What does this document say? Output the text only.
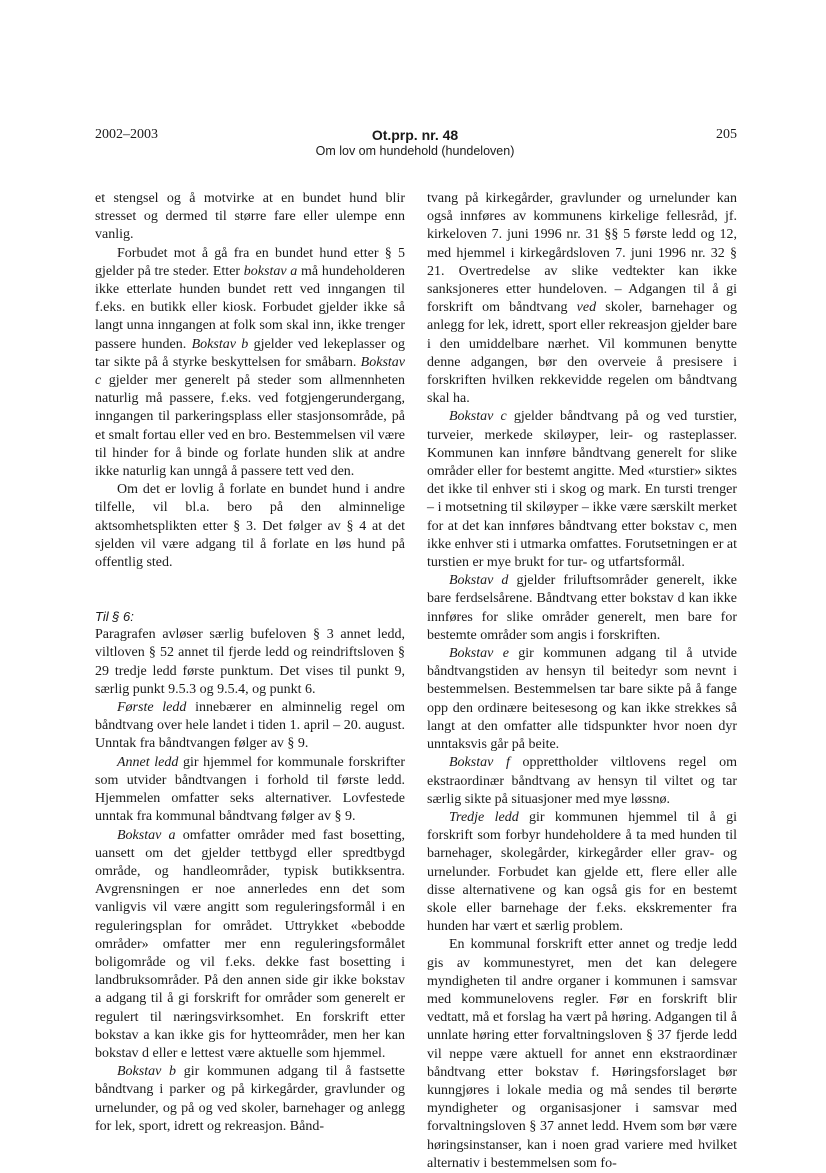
2002–2003	Ot.prp. nr. 48
Om lov om hundehold (hundeloven)
205

et stengsel og å motvirke at en bundet hund blir stresset og dermed til større fare eller ulempe enn vanlig.

Forbudet mot å gå fra en bundet hund etter § 5 gjelder på tre steder. Etter bokstav a må hundeholderen ikke etterlate hunden bundet rett ved inngangen til f.eks. en butikk eller kiosk. Forbudet gjelder ikke så langt unna inngangen at folk som skal inn, ikke trenger passere hunden. Bokstav b gjelder ved lekeplasser og tar sikte på å styrke beskyttelsen for småbarn. Bokstav c gjelder mer generelt på steder som allmennheten naturlig må passere, f.eks. ved fotgjengerundergang, inngangen til parkeringsplass eller stasjonsområde, på et smalt fortau eller ved en bro. Bestemmelsen vil være til hinder for å binde og forlate hunden slik at andre ikke naturlig kan unngå å passere tett ved den.

Om det er lovlig å forlate en bundet hund i andre tilfelle, vil bl.a. bero på den alminnelige aktsomhetsplikten etter § 3. Det følger av § 4 at det sjelden vil være adgang til å forlate en løs hund på offentlig sted.

Til § 6:

Paragrafen avløser særlig bufeloven § 3 annet ledd, viltloven § 52 annet til fjerde ledd og reindriftsloven § 29 tredje ledd første punktum. Det vises til punkt 9, særlig punkt 9.5.3 og 9.5.4, og punkt 6.

Første ledd innebærer en alminnelig regel om båndtvang over hele landet i tiden 1. april – 20. august. Unntak fra båndtvangen følger av § 9.

Annet ledd gir hjemmel for kommunale forskrifter som utvider båndtvangen i forhold til første ledd. Hjemmelen omfatter seks alternativer. Lovfestede unntak fra kommunal båndtvang følger av § 9.

Bokstav a omfatter områder med fast bosetting, uansett om det gjelder tettbygd eller spredtbygd område, og handleområder, typisk butikksentra. Avgrensningen er noe annerledes enn det som vanligvis vil være angitt som reguleringsformål i en reguleringsplan for området. Uttrykket «bebodde områder» omfatter mer enn reguleringsformålet boligområde og vil f.eks. dekke fast bosetting i landbruksområder. På den annen side gir ikke bokstav a adgang til å gi forskrift for områder som generelt er regulert til næringsvirksomhet. En forskrift etter bokstav a kan ikke gis for hytteområder, men her kan bokstav d eller e lettest være aktuelle som hjemmel.

Bokstav b gir kommunen adgang til å fastsette båndtvang i parker og på kirkegårder, gravlunder og urnelunder, og på og ved skoler, barnehager og anlegg for lek, sport, idrett og rekreasjon. Bånd-

tvang på kirkegårder, gravlunder og urnelunder kan også innføres av kommunens kirkelige fellesråd, jf. kirkeloven 7. juni 1996 nr. 31 §§ 5 første ledd og 12, med hjemmel i kirkegårdsloven 7. juni 1996 nr. 32 § 21. Overtredelse av slike vedtekter kan ikke sanksjoneres etter hundeloven. – Adgangen til å gi forskrift om båndtvang ved skoler, barnehager og anlegg for lek, idrett, sport eller rekreasjon gjelder bare i den umiddelbare nærhet. Vil kommunen benytte denne adgangen, bør den overveie å presisere i forskriften hvilken rekkevidde regelen om båndtvang skal ha.

Bokstav c gjelder båndtvang på og ved turstier, turveier, merkede skiløyper, leir- og rasteplasser. Kommunen kan innføre båndtvang generelt for slike områder eller for bestemt angitte. Med «turstier» siktes det ikke til enhver sti i skog og mark. En tursti trenger – i motsetning til skiløyper – ikke være særskilt merket for at det kan innføres båndtvang etter bokstav c, men ikke enhver sti i utmarka omfattes. Forutsetningen er at turstien er mye brukt for tur- og utfartsformål.

Bokstav d gjelder friluftsområder generelt, ikke bare ferdselsårene. Båndtvang etter bokstav d kan ikke innføres for slike områder generelt, men bare for bestemte områder som angis i forskriften.

Bokstav e gir kommunen adgang til å utvide båndtvangstiden av hensyn til beitedyr som nevnt i bestemmelsen. Bestemmelsen tar bare sikte på å fange opp den ordinære beitesesong og kan ikke strekkes så langt at den omfatter alle tidspunkter hvor noen dyr unntaksvis går på beite.

Bokstav f opprettholder viltlovens regel om ekstraordinær båndtvang av hensyn til viltet og tar særlig sikte på situasjoner med mye løssnø.

Tredje ledd gir kommunen hjemmel til å gi forskrift som forbyr hundeholdere å ta med hunden til barnehager, skolegårder, kirkegårder eller grav- og urnelunder. Forbudet kan gjelde ett, flere eller alle disse alternativene og kan også gis for en bestemt skole eller barnehage der f.eks. ekskrementer fra hunden har vært et særlig problem.

En kommunal forskrift etter annet og tredje ledd gis av kommunestyret, men det kan delegere myndigheten til andre organer i kommunen i samsvar med kommunelovens regler. Før en forskrift blir vedtatt, må et forslag ha vært på høring. Adgangen til å unnlate høring etter forvaltningsloven § 37 fjerde ledd vil neppe være aktuell for annet enn ekstraordinær båndtvang etter bokstav f. Høringsforslaget bør kunngjøres i lokale media og må sendes til berørte myndigheter og organisasjoner i samsvar med forvaltningsloven § 37 annet ledd. Hvem som bør være høringsinstanser, kan i noen grad variere med hvilket alternativ i bestemmelsen som fo-
